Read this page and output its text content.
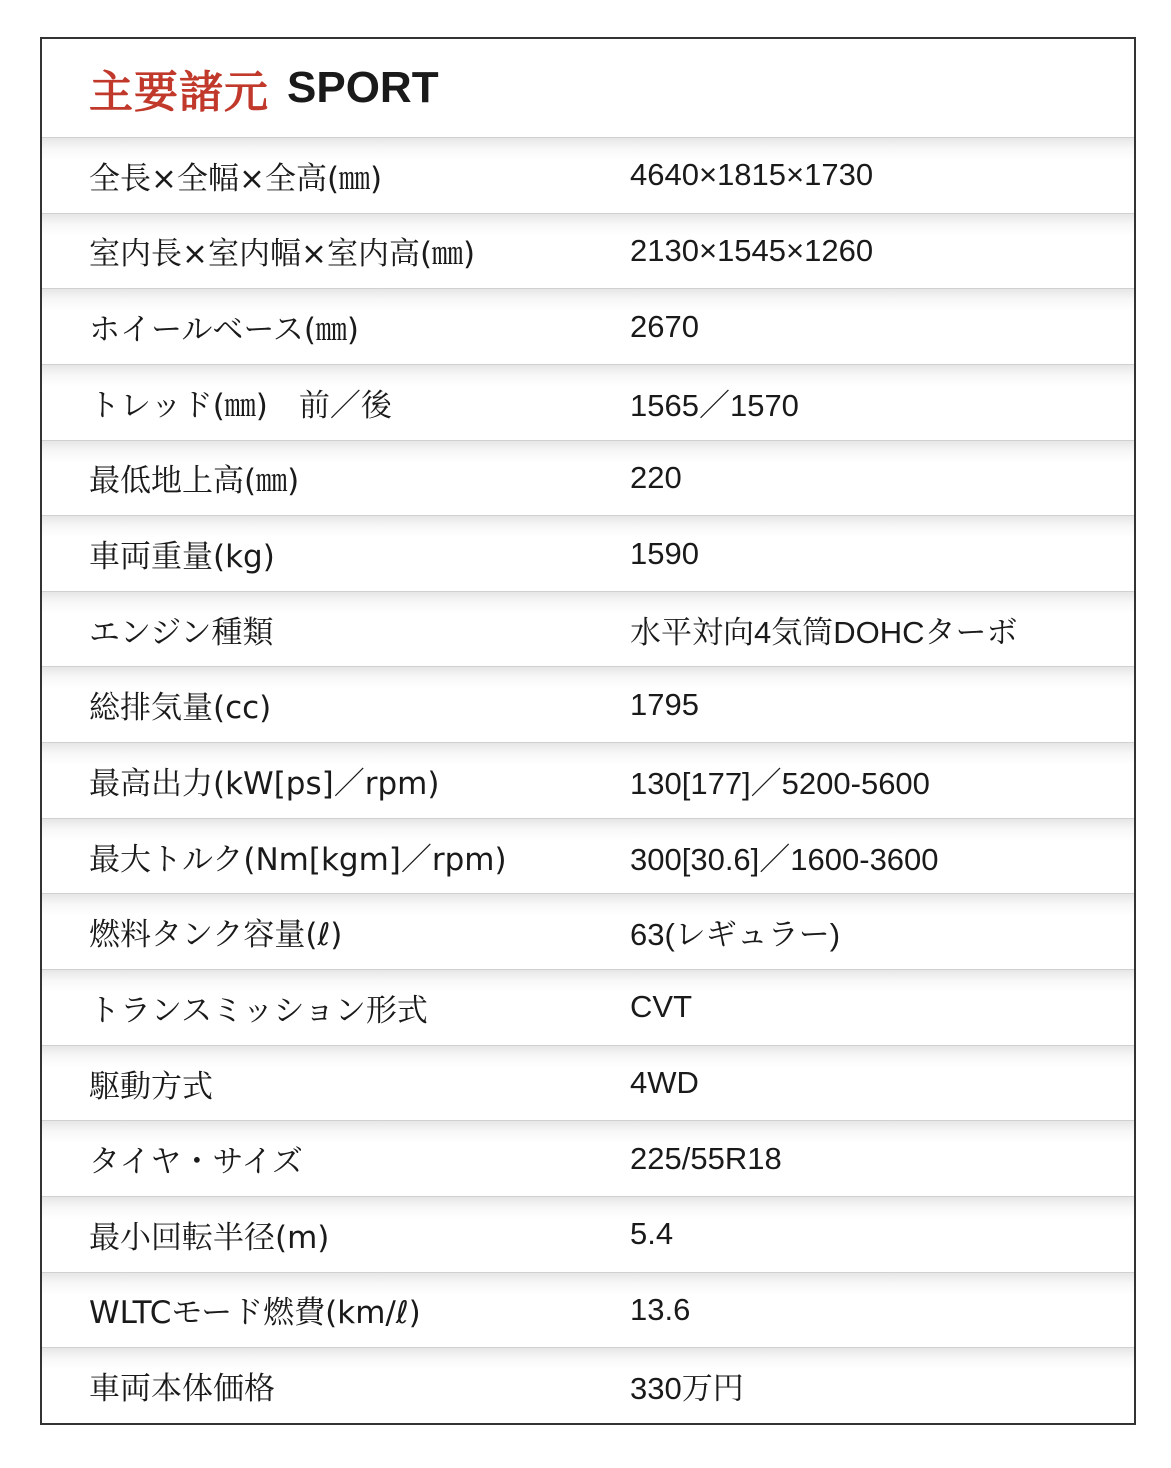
主要諸元 SPORT
全長×全幅×全高(㎜)	4640×1815×1730
室内長×室内幅×室内高(㎜)	2130×1545×1260
ホイールベース(㎜)	2670
トレッド(㎜)　前／後	1565／1570
最低地上高(㎜)	220
車両重量(kg)	1590
エンジン種類	水平対向4気筒DOHCターボ
総排気量(cc)	1795
最高出力(kW[ps]／rpm)	130[177]／5200-5600
最大トルク(Nm[kgm]／rpm)	300[30.6]／1600-3600
燃料タンク容量(ℓ)	63(レギュラー)
トランスミッション形式	CVT
駆動方式	4WD
タイヤ・サイズ	225/55R18
最小回転半径(m)	5.4
WLTCモード燃費(km/ℓ)	13.6
車両本体価格	330万円
